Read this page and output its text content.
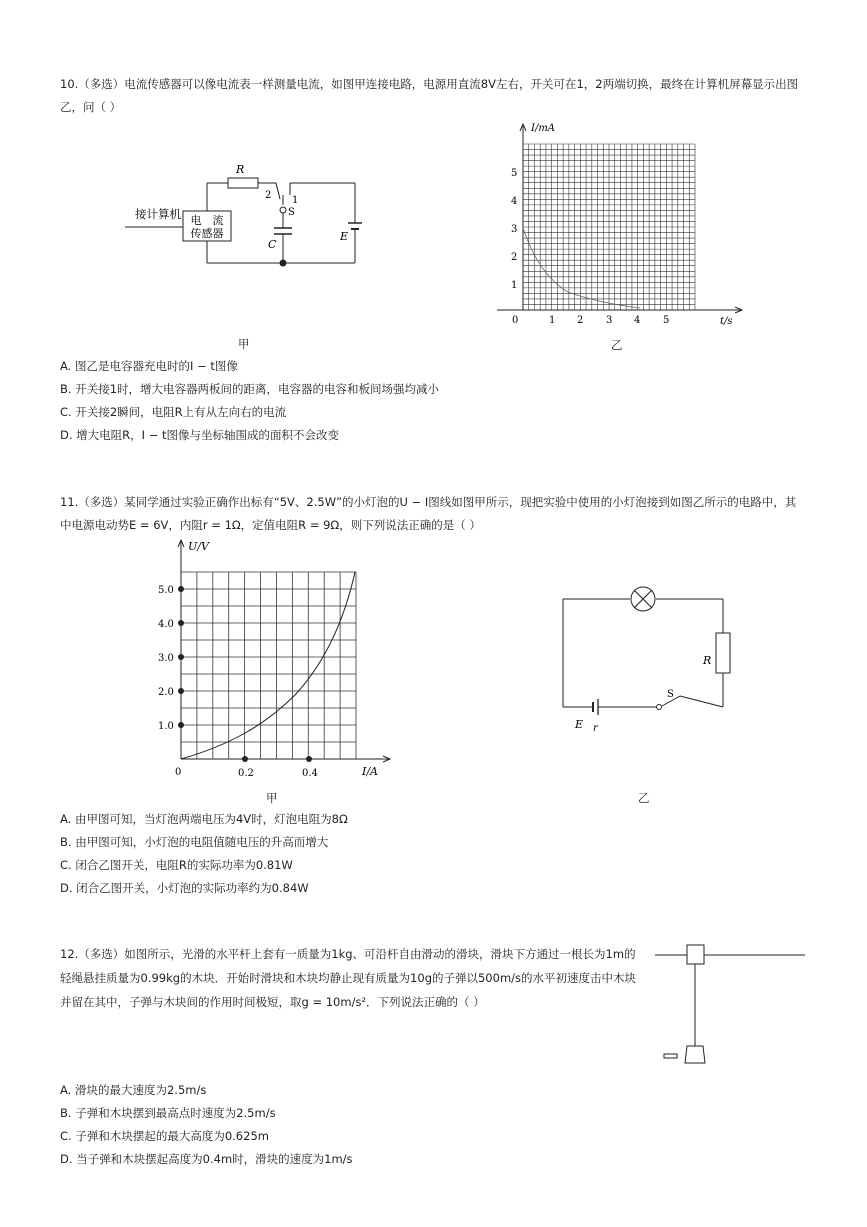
10.（多选）电流传感器可以像电流表一样测量电流，如图甲连接电路，电源用直流8V左右，开关可在1，2两端切换，最终在计算机屏幕显示出图
乙，问（ ）
接计算机 电　流
传感器
R
2 1
S
C
E
甲
I/mA
t/s
0
1
2
3
4
5
1 2 3 4 5
乙
A. 图乙是电容器充电时的I − t图像
B. 开关接1时，增大电容器两板间的距离，电容器的电容和板间场强均减小
C. 开关接2瞬间，电阻R上有从左向右的电流
D. 增大电阻R，I − t图像与坐标轴围成的面积不会改变
11.（多选）某同学通过实验正确作出标有“5V、2.5W”的小灯泡的U − I图线如图甲所示，现把实验中使用的小灯泡接到如图乙所示的电路中，其
中电源电动势E = 6V，内阻r = 1Ω，定值电阻R = 9Ω，则下列说法正确的是（ ）
U/V
I/A
0
1.0
2.0
3.0
4.0
5.0
0.2	0.4
甲
R
S
E r
乙
A. 由甲图可知，当灯泡两端电压为4V时，灯泡电阻为8Ω
B. 由甲图可知，小灯泡的电阻值随电压的升高而增大
C. 闭合乙图开关，电阻R的实际功率为0.81W
D. 闭合乙图开关，小灯泡的实际功率约为0.84W
12.（多选）如图所示，光滑的水平杆上套有一质量为1kg、可沿杆自由滑动的滑块，滑块下方通过一根长为1m的
轻绳悬挂质量为0.99kg的木块．开始时滑块和木块均静止现有质量为10g的子弹以500m/s的水平初速度击中木块
并留在其中，子弹与木块间的作用时间极短，取g = 10m/s²．下列说法正确的（ ）
A. 滑块的最大速度为2.5m/s
B. 子弹和木块摆到最高点时速度为2.5m/s
C. 子弹和木块摆起的最大高度为0.625m
D. 当子弹和木块摆起高度为0.4m时，滑块的速度为1m/s
